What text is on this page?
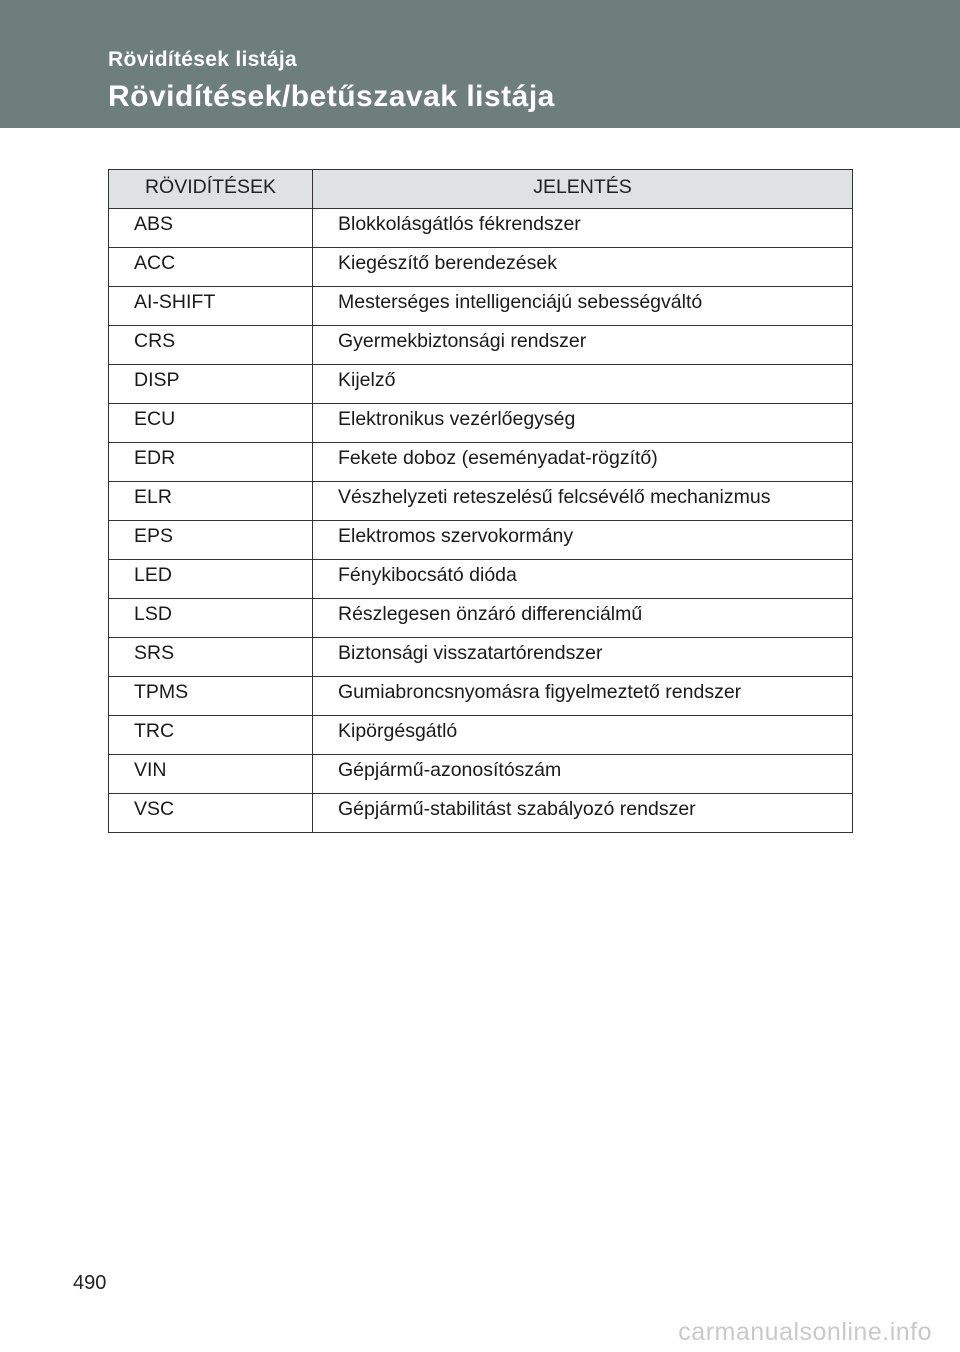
Rövidítések listája
Rövidítések/betűszavak listája
RÖVIDÍTÉSEK	JELENTÉS
ABS	Blokkolásgátlós fékrendszer
ACC	Kiegészítő berendezések
AI-SHIFT	Mesterséges intelligenciájú sebességváltó
CRS	Gyermekbiztonsági rendszer
DISP	Kijelző
ECU	Elektronikus vezérlőegység
EDR	Fekete doboz (eseményadat-rögzítő)
ELR	Vészhelyzeti reteszelésű felcsévélő mechanizmus
EPS	Elektromos szervokormány
LED	Fénykibocsátó dióda
LSD	Részlegesen önzáró differenciálmű
SRS	Biztonsági visszatartórendszer
TPMS	Gumiabroncsnyomásra figyelmeztető rendszer
TRC	Kipörgésgátló
VIN	Gépjármű-azonosítószám
VSC	Gépjármű-stabilitást szabályozó rendszer
490
carmanualsonline.info
